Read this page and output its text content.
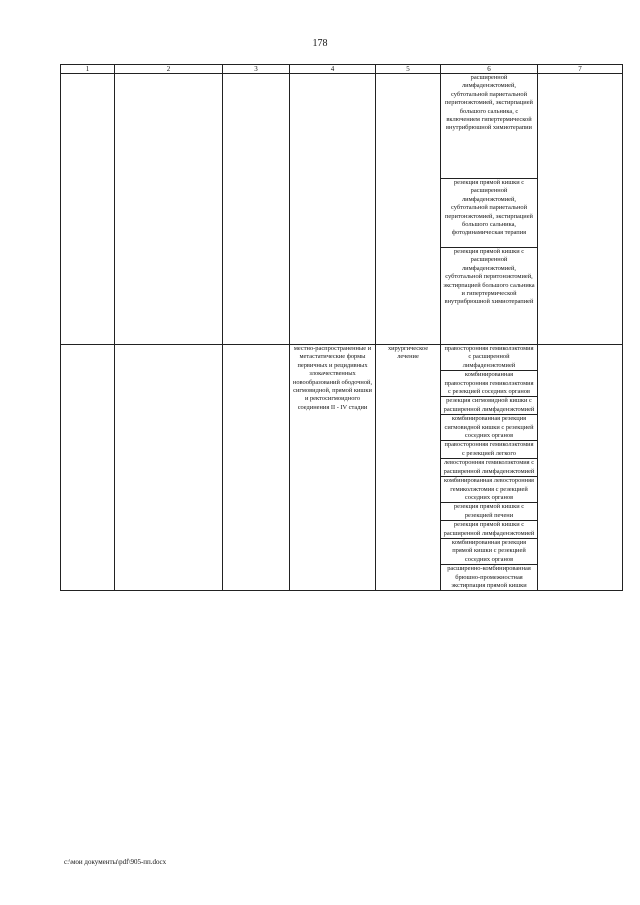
178
1	2	3	4	5	6	7
					расширенной лимфаденэктомией, субтотальной париетальной перитонэктомией, экстирпацией большого сальника, с включением гипертермической внутрибрюшной химиотерапии	
					резекция прямой кишки с расширенной лимфаденэктомией, субтотальной париетальной перитонэктомией, экстирпацией большого сальника, фотодинамическая терапия	
					резекция прямой кишки с расширенной лимфаденэктомией, субтотальной перитонэктомией, экстирпацией большого сальника и гипертермической внутрибрюшной химиотерапией	
			местно-распространенные и метастатические формы первичных и рецидивных злокачественных новообразований ободочной, сигмовидной, прямой кишки и ректосигмоидного соединения II - IV стадии	хирургическое лечение	правосторонняя гемиколэктомия с расширенной лимфаденэктомией	
					комбинированная правосторонняя гемиколэктомия с резекцией соседних органов	
					резекция сигмовидной кишки с расширенной лимфаденэктомией	
					комбинированная резекция сигмовидной кишки с резекцией соседних органов	
					правосторонняя гемиколэктомия с резекцией легкого	
					левосторонняя гемиколэктомия с расширенной лимфаденэктомией	
					комбинированная левосторонняя гемиколэктомия с резекцией соседних органов	
					резекция прямой кишки с резекцией печени	
					резекция прямой кишки с расширенной лимфаденэктомией	
					комбинированная резекция прямой кишки с резекцией соседних органов	
					расширенно-комбинированная брюшно-промежностная экстирпация прямой кишки	
c:\мои документы\pdf\905-пп.docx
